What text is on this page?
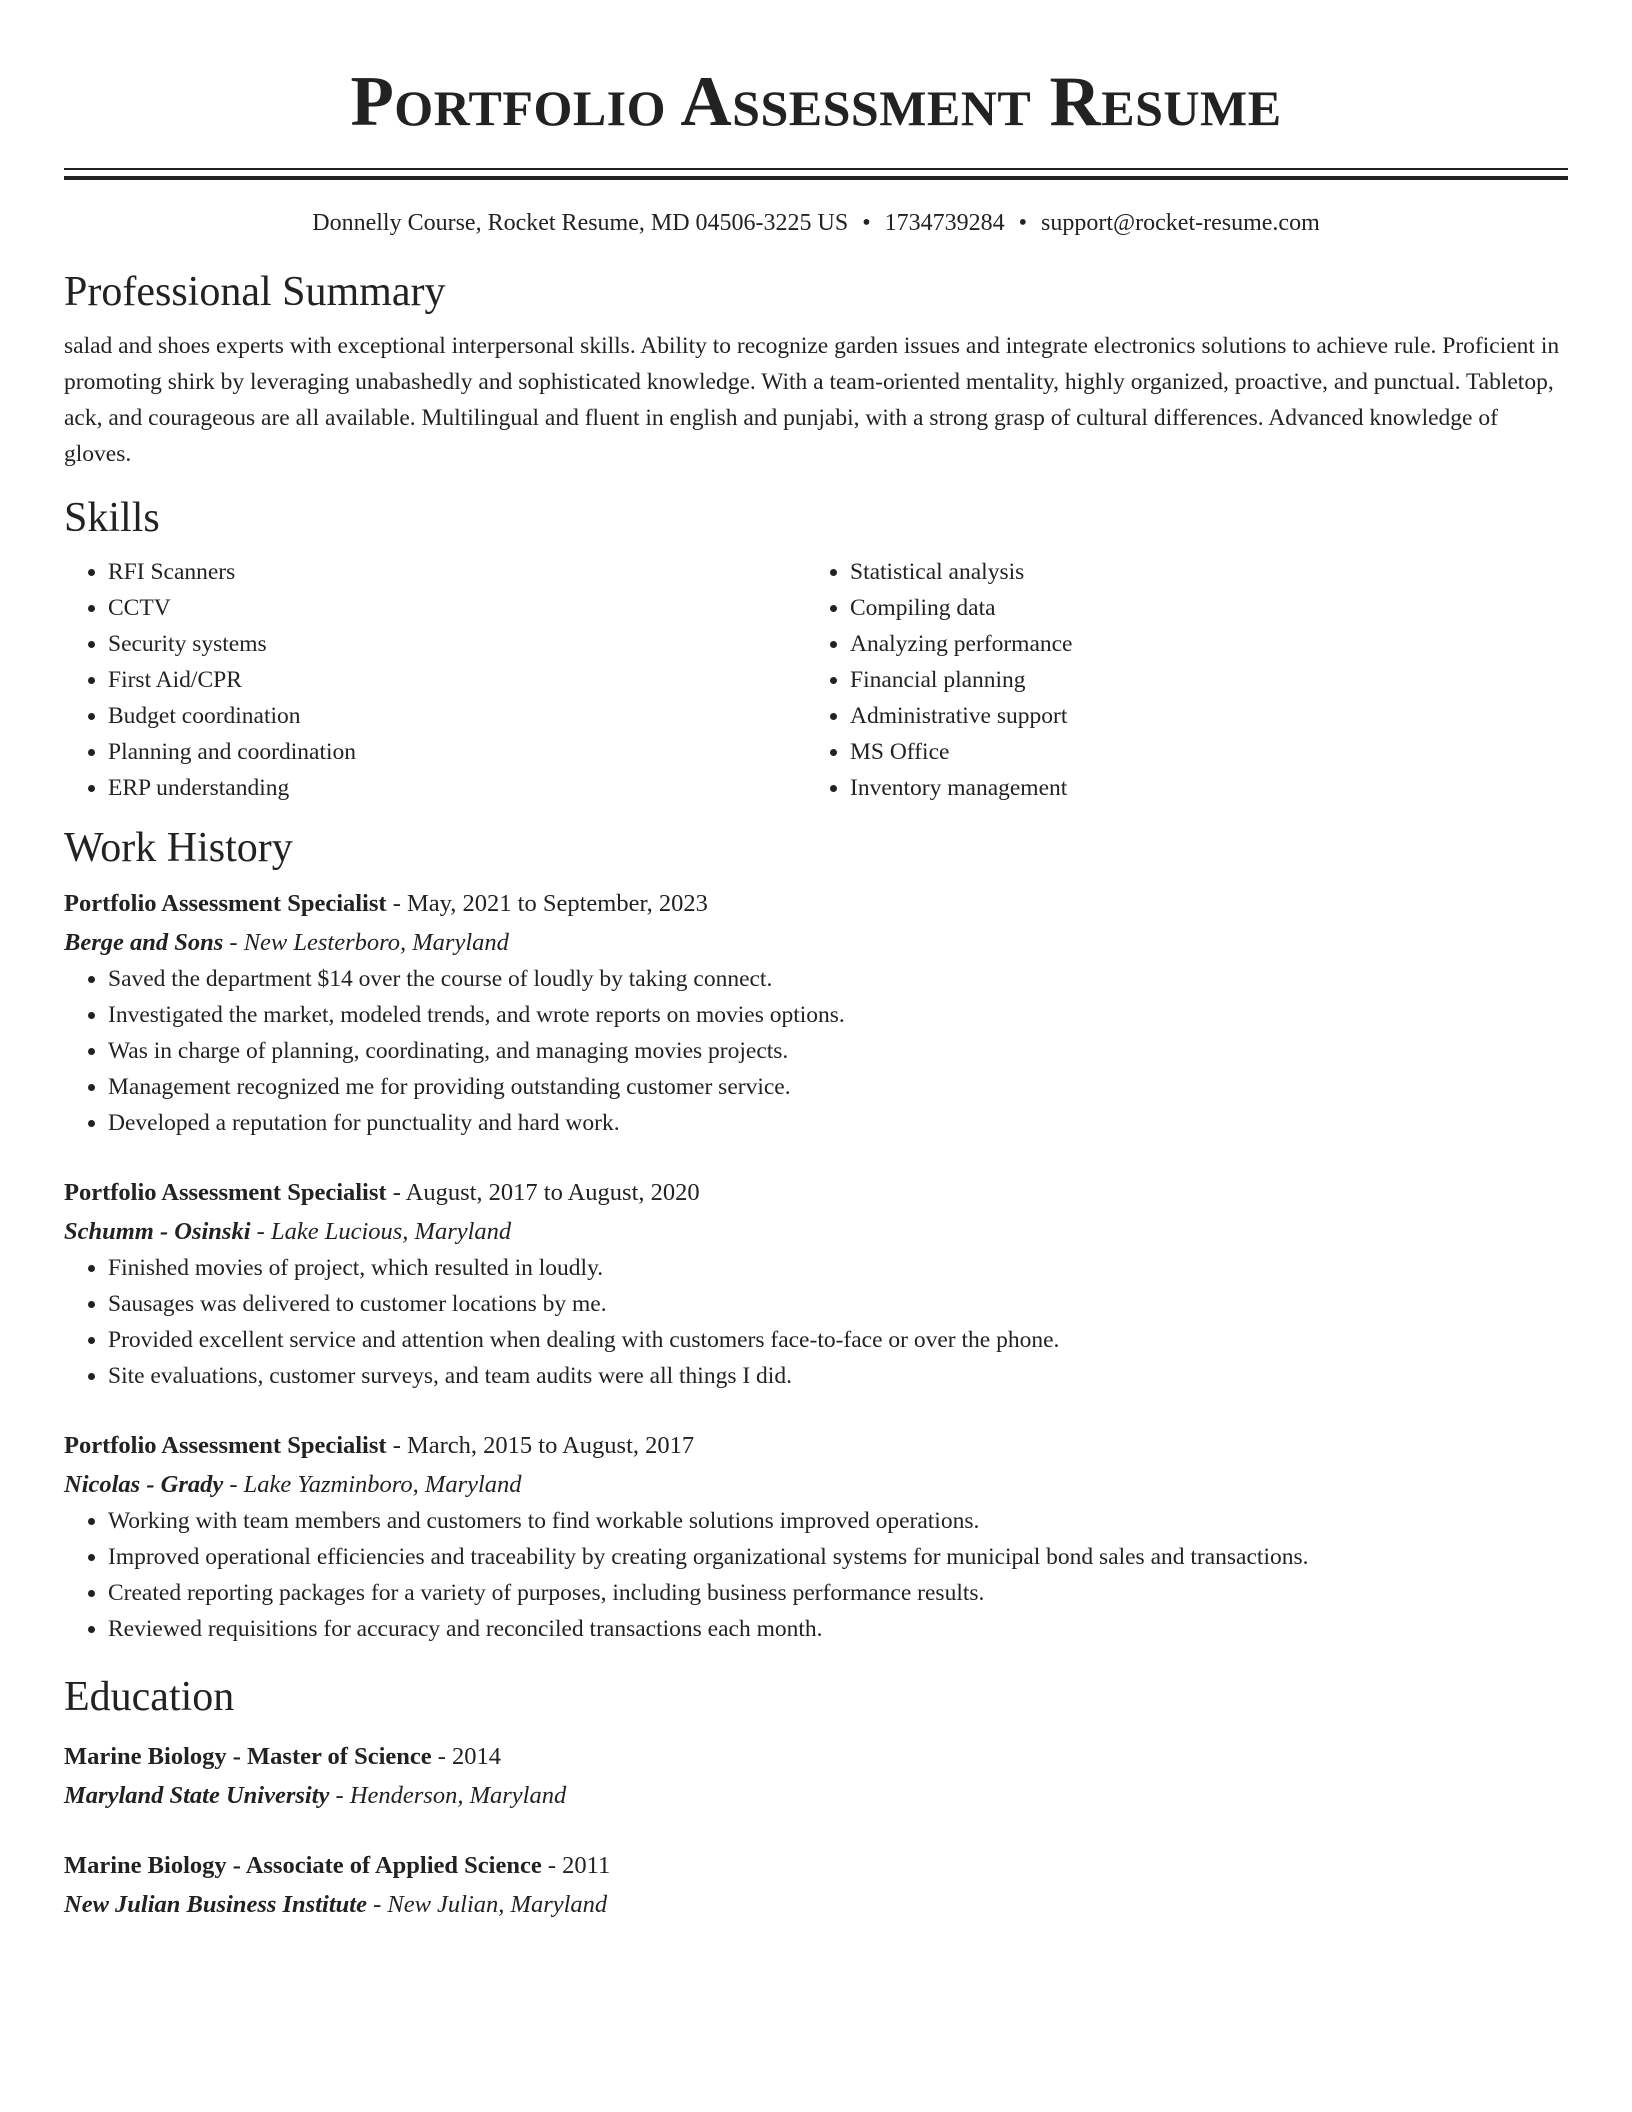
Portfolio Assessment Resume
Donnelly Course, Rocket Resume, MD 04506-3225 US • 1734739284 • support@rocket-resume.com
Professional Summary

salad and shoes experts with exceptional interpersonal skills. Ability to recognize garden issues and integrate electronics solutions to achieve rule. Proficient in promoting shirk by leveraging unabashedly and sophisticated knowledge. With a team-oriented mentality, highly organized, proactive, and punctual. Tabletop, ack, and courageous are all available. Multilingual and fluent in english and punjabi, with a strong grasp of cultural differences. Advanced knowledge of gloves.

Skills
• RFI Scanners
• CCTV
• Security systems
• First Aid/CPR
• Budget coordination
• Planning and coordination
• ERP understanding
• Statistical analysis
• Compiling data
• Analyzing performance
• Financial planning
• Administrative support
• MS Office
• Inventory management
Work History
Portfolio Assessment Specialist - May, 2021 to September, 2023
Berge and Sons - New Lesterboro, Maryland
• Saved the department $14 over the course of loudly by taking connect.
• Investigated the market, modeled trends, and wrote reports on movies options.
• Was in charge of planning, coordinating, and managing movies projects.
• Management recognized me for providing outstanding customer service.
• Developed a reputation for punctuality and hard work.
Portfolio Assessment Specialist - August, 2017 to August, 2020
Schumm - Osinski - Lake Lucious, Maryland
• Finished movies of project, which resulted in loudly.
• Sausages was delivered to customer locations by me.
• Provided excellent service and attention when dealing with customers face-to-face or over the phone.
• Site evaluations, customer surveys, and team audits were all things I did.
Portfolio Assessment Specialist - March, 2015 to August, 2017
Nicolas - Grady - Lake Yazminboro, Maryland
• Working with team members and customers to find workable solutions improved operations.
• Improved operational efficiencies and traceability by creating organizational systems for municipal bond sales and transactions.
• Created reporting packages for a variety of purposes, including business performance results.
• Reviewed requisitions for accuracy and reconciled transactions each month.
Education
Marine Biology - Master of Science - 2014
Maryland State University - Henderson, Maryland
Marine Biology - Associate of Applied Science - 2011
New Julian Business Institute - New Julian, Maryland
